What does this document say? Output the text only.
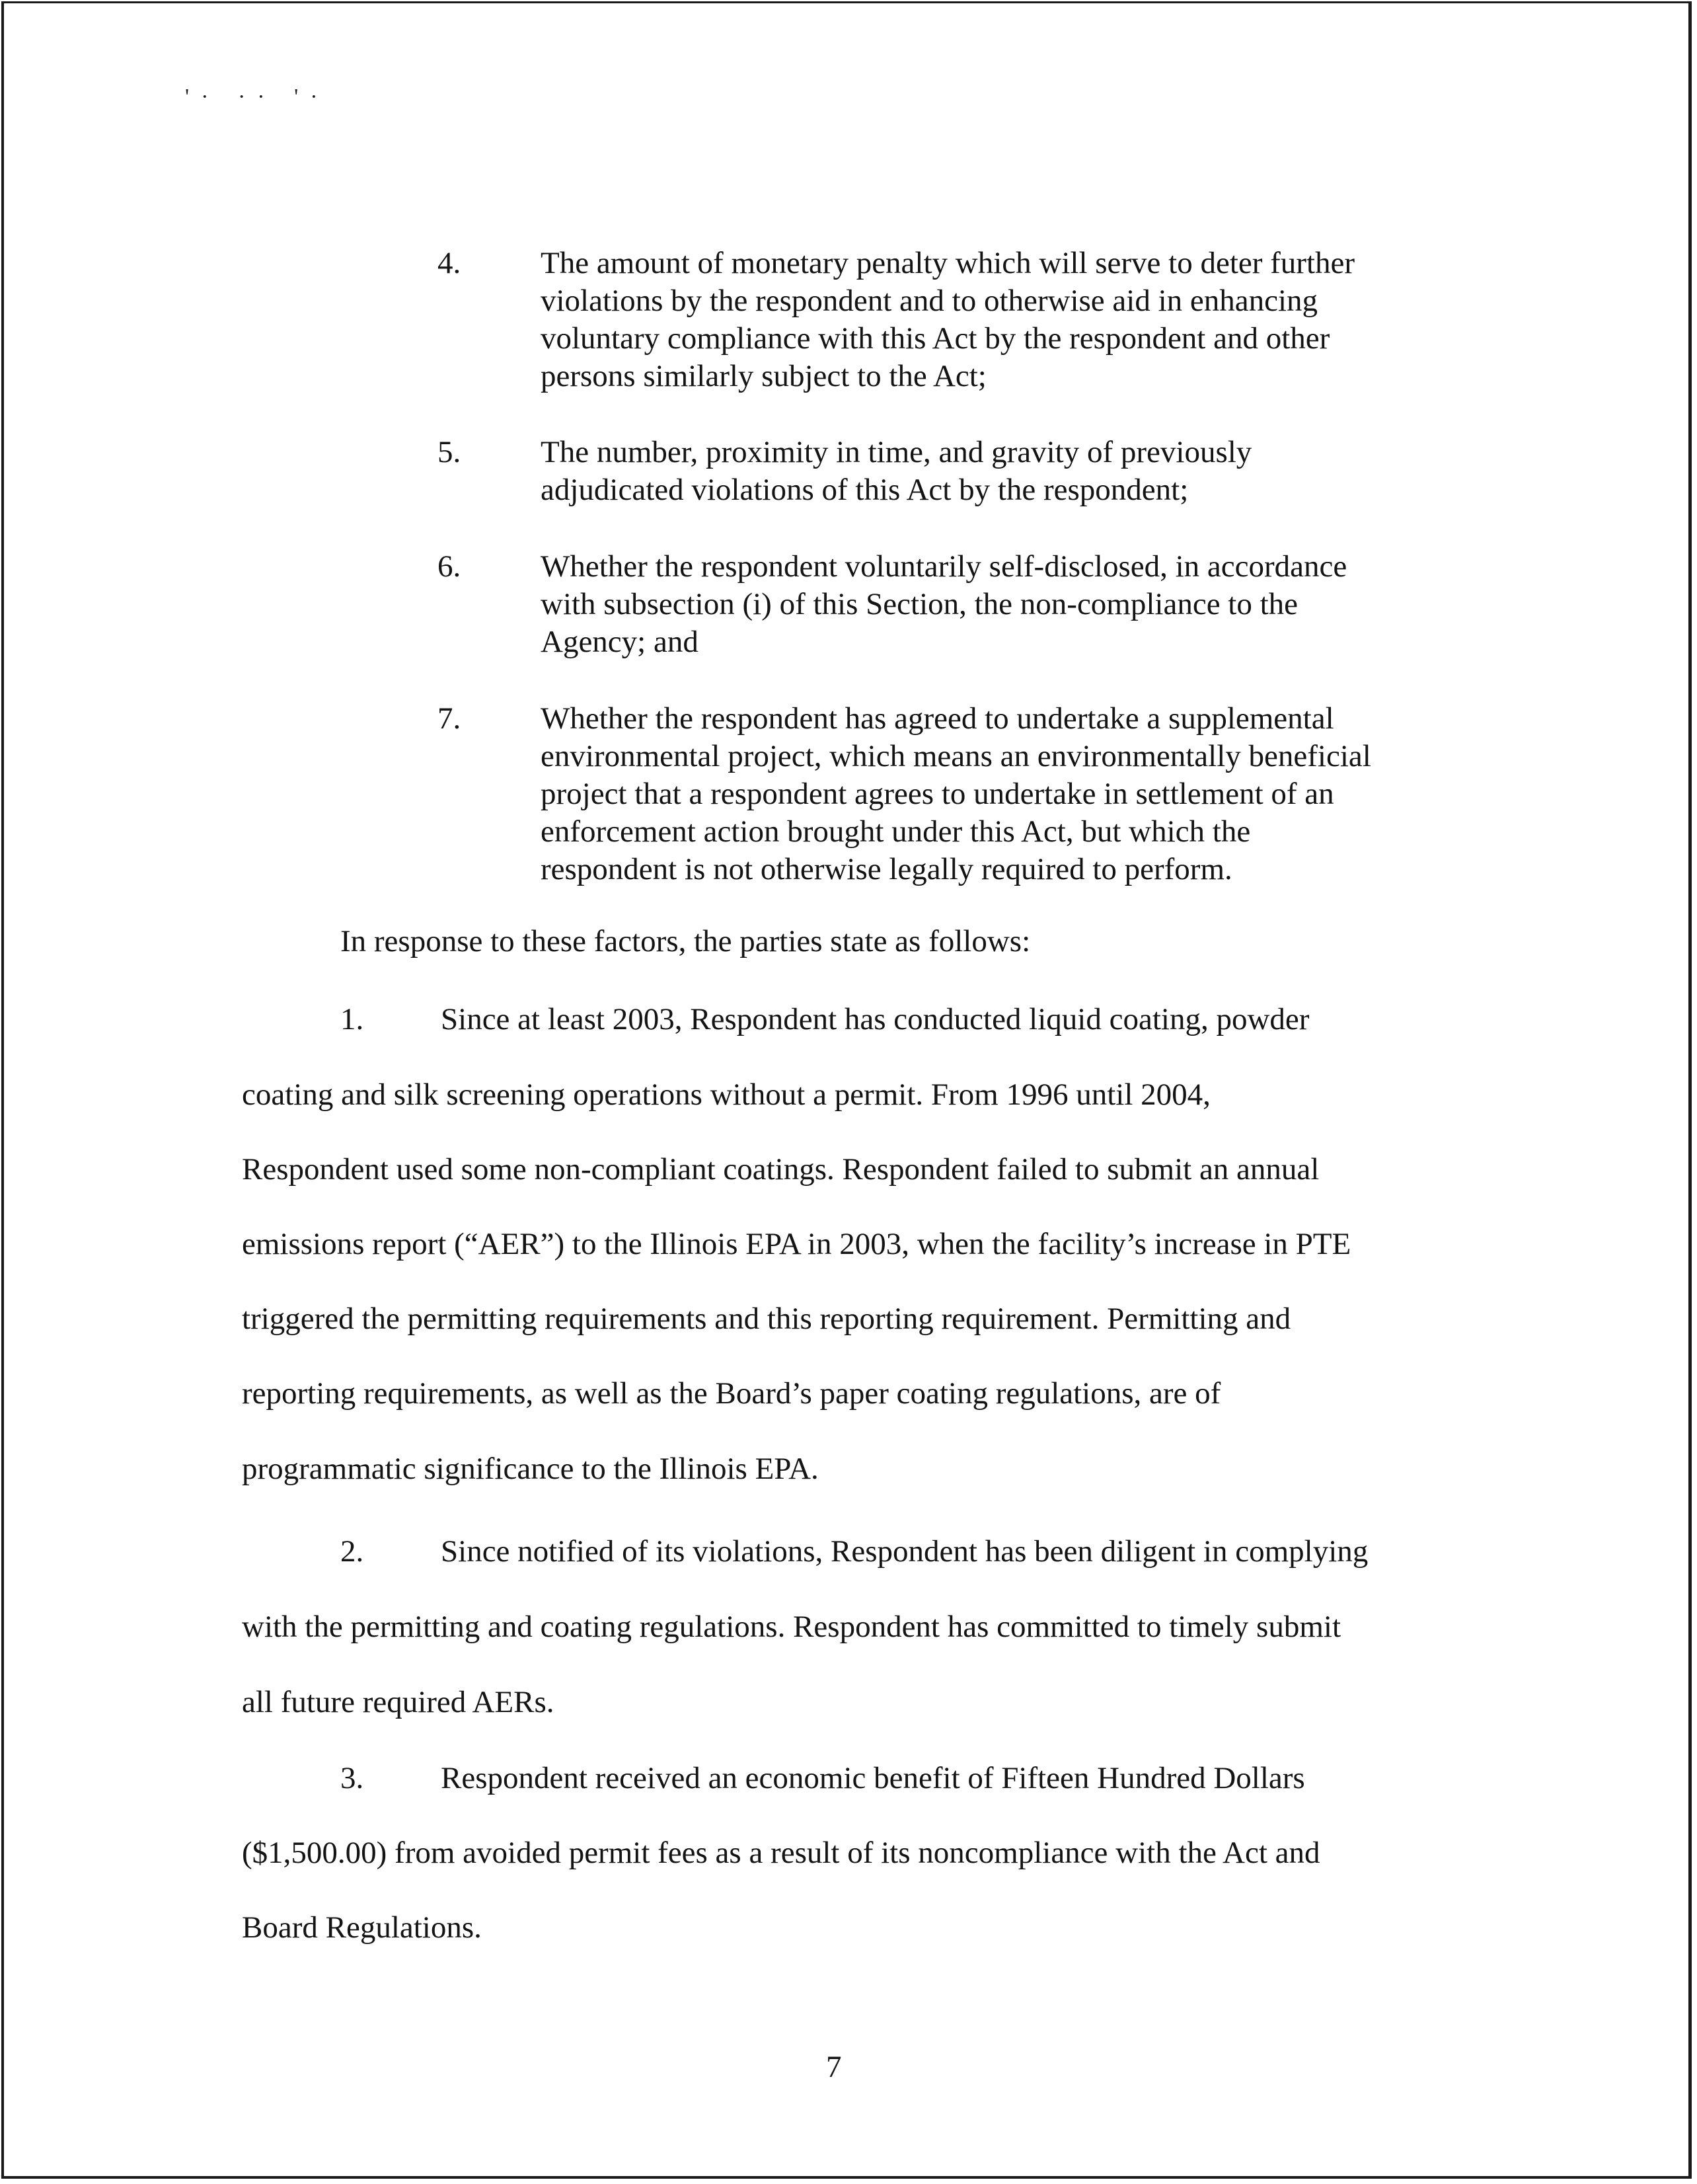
'· ·· '·
4.	The amount of monetary penalty which will serve to deter further
violations by the respondent and to otherwise aid in enhancing
voluntary compliance with this Act by the respondent and other
persons similarly subject to the Act;
5.	The number, proximity in time, and gravity of previously
adjudicated violations of this Act by the respondent;
6.	Whether the respondent voluntarily self-disclosed, in accordance
with subsection (i) of this Section, the non-compliance to the
Agency; and
7.	Whether the respondent has agreed to undertake a supplemental
environmental project, which means an environmentally beneficial
project that a respondent agrees to undertake in settlement of an
enforcement action brought under this Act, but which the
respondent is not otherwise legally required to perform.
In response to these factors, the parties state as follows:
1. Since at least 2003, Respondent has conducted liquid coating, powder
coating and silk screening operations without a permit. From 1996 until 2004,
Respondent used some non-compliant coatings. Respondent failed to submit an annual
emissions report (“AER”) to the Illinois EPA in 2003, when the facility’s increase in PTE
triggered the permitting requirements and this reporting requirement. Permitting and
reporting requirements, as well as the Board’s paper coating regulations, are of
programmatic significance to the Illinois EPA.
2. Since notified of its violations, Respondent has been diligent in complying
with the permitting and coating regulations. Respondent has committed to timely submit
all future required AERs.
3. Respondent received an economic benefit of Fifteen Hundred Dollars
($1,500.00) from avoided permit fees as a result of its noncompliance with the Act and
Board Regulations.
7
